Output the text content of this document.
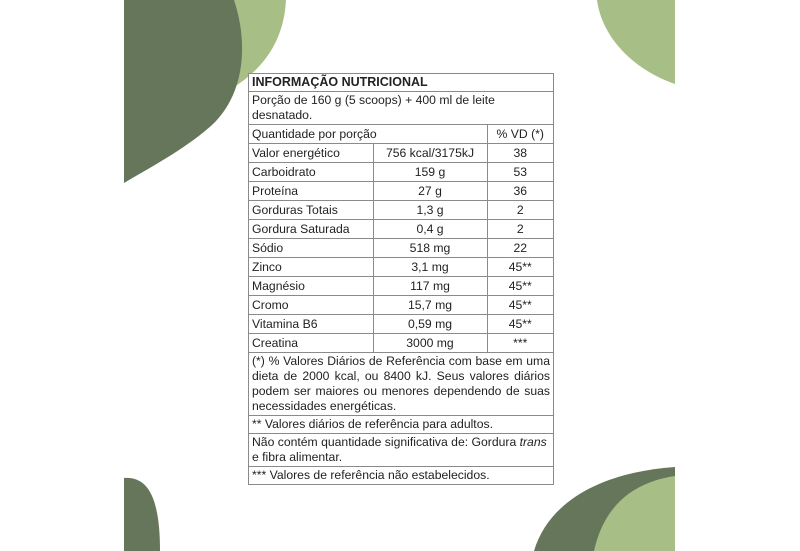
INFORMAÇÃO NUTRICIONAL
Porção de 160 g (5 scoops) + 400 ml de leite desnatado.
Quantidade por porção		% VD (*)
Valor energético	756 kcal/3175kJ	38
Carboidrato	159 g	53
Proteína	27 g	36
Gorduras Totais	1,3 g	2
Gordura Saturada	0,4 g	2
Sódio	518 mg	22
Zinco	3,1 mg	45**
Magnésio	117 mg	45**
Cromo	15,7 mg	45**
Vitamina B6	0,59 mg	45**
Creatina	3000 mg	***
(*) % Valores Diários de Referência com base em uma dieta de 2000 kcal, ou 8400 kJ. Seus valores diários podem ser maiores ou menores dependendo de suas necessidades energéticas.
** Valores diários de referência para adultos.
Não contém quantidade significativa de: Gordura trans e fibra alimentar.
*** Valores de referência não estabelecidos.
